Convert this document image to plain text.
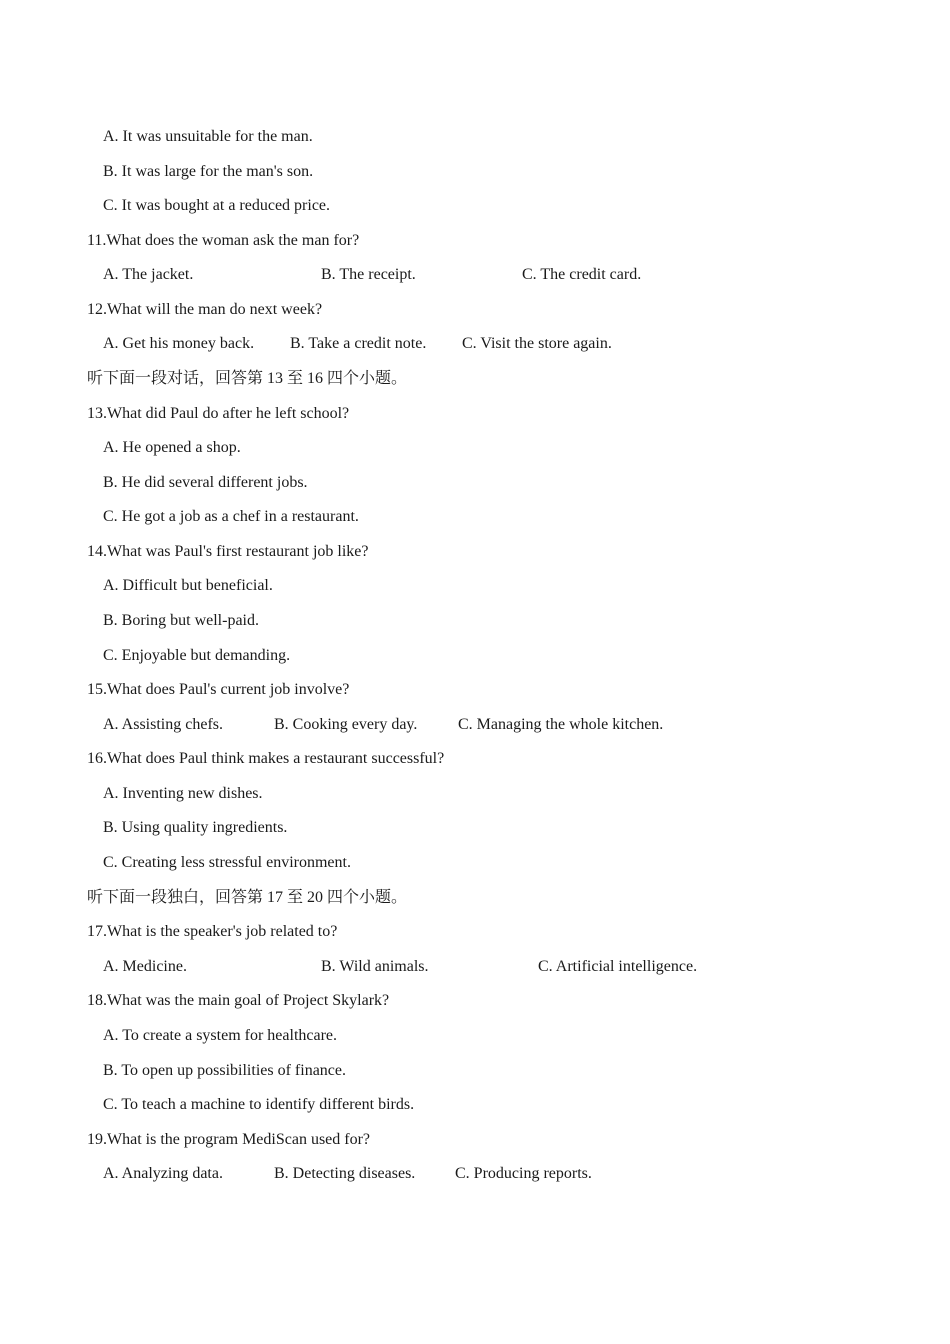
A. It was unsuitable for the man.
B. It was large for the man's son.
C. It was bought at a reduced price.
11.What does the woman ask the man for?
A. The jacket.	B. The receipt.	C. The credit card.
12.What will the man do next week?
A. Get his money back. B. Take a credit note. C. Visit the store again.
听下面一段对话，回答第 13 至 16 四个小题。
13.What did Paul do after he left school?
A. He opened a shop.
B. He did several different jobs.
C. He got a job as a chef in a restaurant.
14.What was Paul's first restaurant job like?
A. Difficult but beneficial.
B. Boring but well-paid.
C. Enjoyable but demanding.
15.What does Paul's current job involve?
A. Assisting chefs.	B. Cooking every day.	C. Managing the whole kitchen.
16.What does Paul think makes a restaurant successful?
A. Inventing new dishes.
B. Using quality ingredients.
C. Creating less stressful environment.
听下面一段独白，回答第 17 至 20 四个小题。
17.What is the speaker's job related to?
A. Medicine.	B. Wild animals.	C. Artificial intelligence.
18.What was the main goal of Project Skylark?
A. To create a system for healthcare.
B. To open up possibilities of finance.
C. To teach a machine to identify different birds.
19.What is the program MediScan used for?
A. Analyzing data.	B. Detecting diseases. C. Producing reports.
